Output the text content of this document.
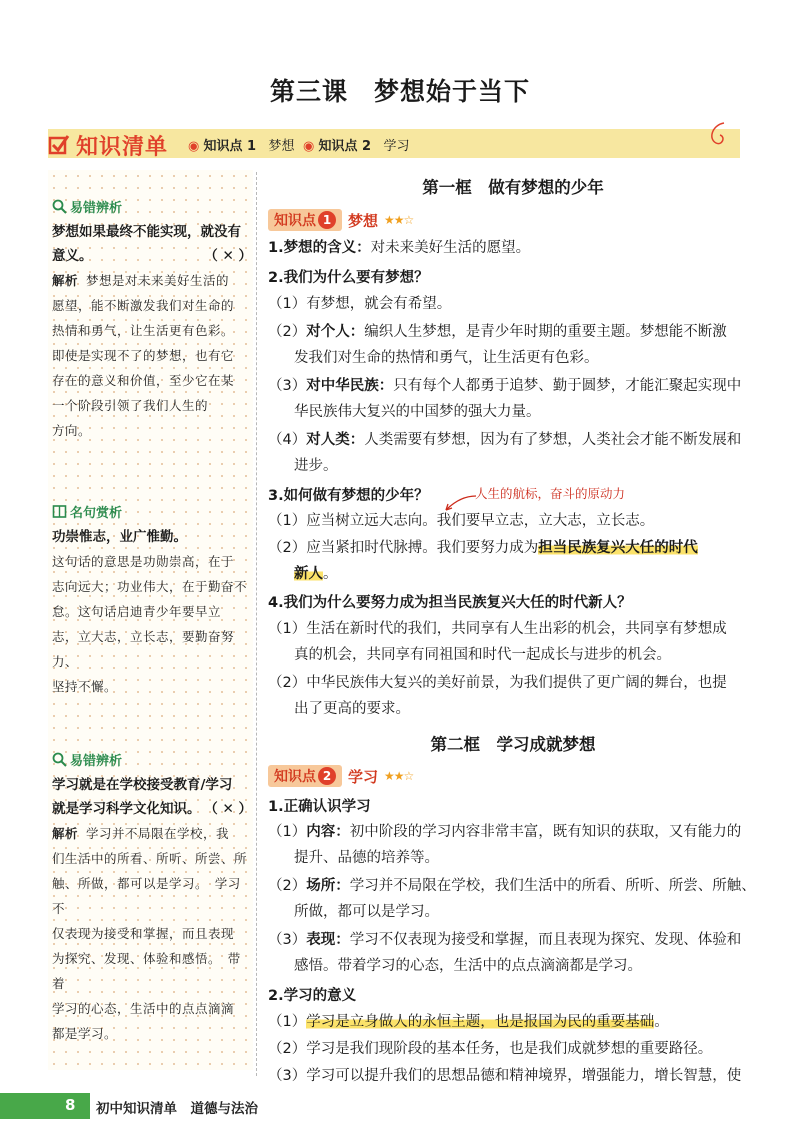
第三课　梦想始于当下
知识清单 ◉ 知识点 1 梦想 ◉ 知识点 2 学习
易错辨析
梦想如果最终不能实现，就没有
意义。	（ ✕ ）
解析 梦想是对未来美好生活的
愿望，能不断激发我们对生命的
热情和勇气，让生活更有色彩。
即使是实现不了的梦想，也有它
存在的意义和价值，至少它在某
一个阶段引领了我们人生的
方向。
名句赏析
功崇惟志，业广惟勤。
这句话的意思是功勋崇高，在于
志向远大；功业伟大，在于勤奋不
怠。这句话启迪青少年要早立
志，立大志，立长志，要勤奋努力、
坚持不懈。
易错辨析
学习就是在学校接受教育/学习
就是学习科学文化知识。 （ ✕ ）
解析 学习并不局限在学校，我
们生活中的所看、所听、所尝、所
触、所做，都可以是学习。　学习不
仅表现为接受和掌握，而且表现
为探究、发现、体验和感悟。　带着
学习的心态，生活中的点点滴滴
都是学习。
第一框　做有梦想的少年
知识点 1	梦想 ★★☆
1.梦想的含义：对未来美好生活的愿望。
2.我们为什么要有梦想？
（1）有梦想，就会有希望。
（2）对个人：编织人生梦想，是青少年时期的重要主题。梦想能不断激
发我们对生命的热情和勇气，让生活更有色彩。
（3）对中华民族：只有每个人都勇于追梦、勤于圆梦，才能汇聚起实现中
华民族伟大复兴的中国梦的强大力量。
（4）对人类：人类需要有梦想，因为有了梦想，人类社会才能不断发展和
进步。
3.如何做有梦想的少年？	人生的航标，奋斗的原动力
（1）应当树立远大志向。我们要早立志，立大志，立长志。
（2）应当紧扣时代脉搏。我们要努力成为担当民族复兴大任的时代
新人。
4.我们为什么要努力成为担当民族复兴大任的时代新人？
（1）生活在新时代的我们，共同享有人生出彩的机会，共同享有梦想成
真的机会，共同享有同祖国和时代一起成长与进步的机会。
（2）中华民族伟大复兴的美好前景，为我们提供了更广阔的舞台，也提
出了更高的要求。
第二框　学习成就梦想
知识点 2	学习 ★★☆
1.正确认识学习
（1）内容：初中阶段的学习内容非常丰富，既有知识的获取，又有能力的
提升、品德的培养等。
（2）场所：学习并不局限在学校，我们生活中的所看、所听、所尝、所触、
所做，都可以是学习。
（3）表现：学习不仅表现为接受和掌握，而且表现为探究、发现、体验和
感悟。带着学习的心态，生活中的点点滴滴都是学习。
2.学习的意义
（1）学习是立身做人的永恒主题，也是报国为民的重要基础。
（2）学习是我们现阶段的基本任务，也是我们成就梦想的重要路径。
（3）学习可以提升我们的思想品德和精神境界，增强能力，增长智慧，使
8 初中知识清单　道德与法治
